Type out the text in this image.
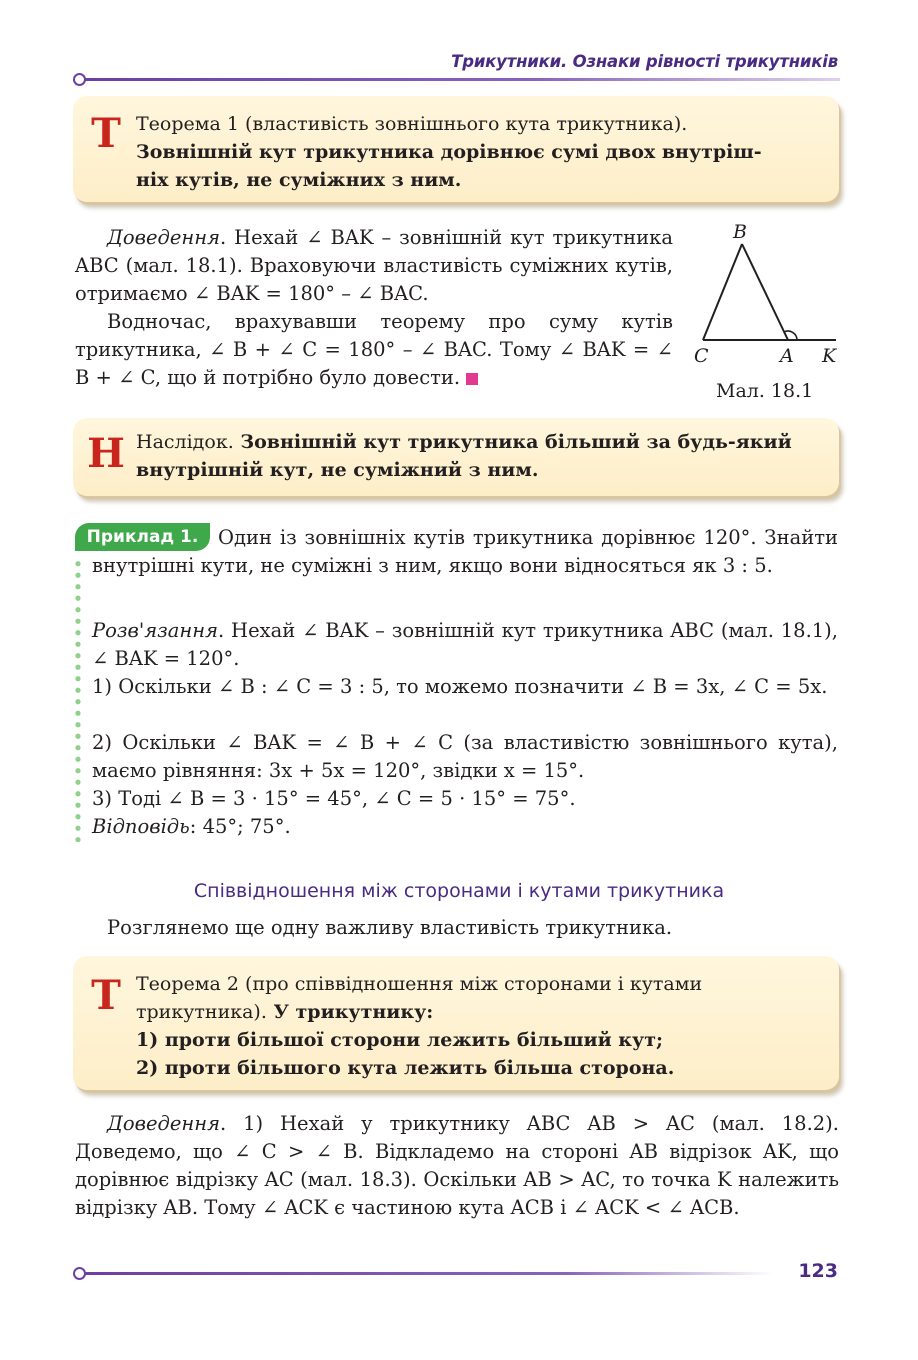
Трикутники. Ознаки рівності трикутників
T Теорема 1 (властивість зовнішнього кута трикутника).
Зовнішній кут трикутника дорівнює сумі двох внутріш-
ніх кутів, не суміжних з ним.
Доведення. Нехай ∠ BAK – зовнішній кут трикутника ABC (мал. 18.1). Враховуючи властивість суміжних кутів, отримаємо ∠ BAK = 180° – ∠ BAC.
Водночас, врахувавши теорему про суму кутів трикутника, ∠ B + ∠ C = 180° – ∠ BAC. Тому ∠ BAK = ∠ B + ∠ C, що й потрібно було довести.
B
C	A K
Мал. 18.1
Н Наслідок. Зовнішній кут трикутника більший за будь-який
внутрішній кут, не суміжний з ним.
Приклад 1.	Один із зовнішніх кутів трикутника дорівнює 120°. Знайти внутрішні кути, не суміжні з ним, якщо вони відносяться як 3 : 5.
Розв'язання. Нехай ∠ BAK – зовнішній кут трикутника ABC (мал. 18.1), ∠ BAK = 120°.
1) Оскільки ∠ B : ∠ C = 3 : 5, то можемо позначити ∠ B = 3x, ∠ C = 5x.
2) Оскільки ∠ BAK = ∠ B + ∠ C (за властивістю зовнішнього кута), маємо рівняння: 3x + 5x = 120°, звідки x = 15°.
3) Тоді ∠ B = 3 · 15° = 45°, ∠ C = 5 · 15° = 75°.
Відповідь: 45°; 75°.
Співвідношення між сторонами і кутами трикутника
Розглянемо ще одну важливу властивість трикутника.
T Теорема 2 (про співвідношення між сторонами і кутами
трикутника). У трикутнику:
1) проти більшої сторони лежить більший кут;
2) проти більшого кута лежить більша сторона.
Доведення. 1) Нехай у трикутнику ABC AB > AC (мал. 18.2). Доведемо, що ∠ C > ∠ B. Відкладемо на стороні AB відрізок AK, що дорівнює відрізку AC (мал. 18.3). Оскільки AB > AC, то точка K належить відрізку AB. Тому ∠ ACK є частиною кута ACB і ∠ ACK < ∠ ACB.
123
